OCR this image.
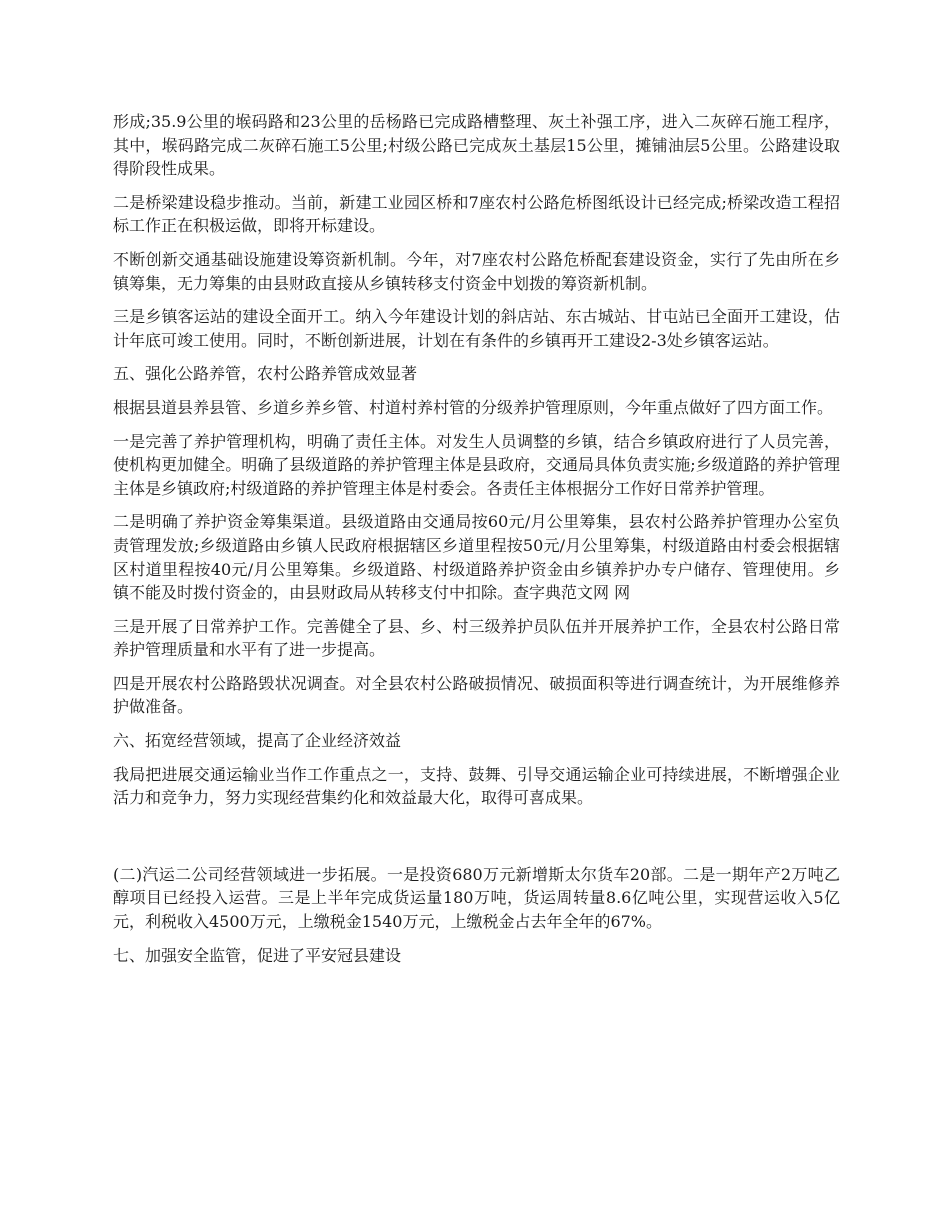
形成;35.9公里的堠码路和23公里的岳杨路已完成路槽整理、灰土补强工序，进入二灰碎石施工程序，其中，堠码路完成二灰碎石施工5公里;村级公路已完成灰土基层15公里，摊铺油层5公里。公路建设取得阶段性成果。

二是桥梁建设稳步推动。当前，新建工业园区桥和7座农村公路危桥图纸设计已经完成;桥梁改造工程招标工作正在积极运做，即将开标建设。

不断创新交通基础设施建设筹资新机制。今年，对7座农村公路危桥配套建设资金，实行了先由所在乡镇筹集，无力筹集的由县财政直接从乡镇转移支付资金中划拨的筹资新机制。

三是乡镇客运站的建设全面开工。纳入今年建设计划的斜店站、东古城站、甘屯站已全面开工建设，估计年底可竣工使用。同时，不断创新进展，计划在有条件的乡镇再开工建设2-3处乡镇客运站。

五、强化公路养管，农村公路养管成效显著

根据县道县养县管、乡道乡养乡管、村道村养村管的分级养护管理原则，今年重点做好了四方面工作。

一是完善了养护管理机构，明确了责任主体。对发生人员调整的乡镇，结合乡镇政府进行了人员完善，使机构更加健全。明确了县级道路的养护管理主体是县政府，交通局具体负责实施;乡级道路的养护管理主体是乡镇政府;村级道路的养护管理主体是村委会。各责任主体根据分工作好日常养护管理。

二是明确了养护资金筹集渠道。县级道路由交通局按60元/月公里筹集，县农村公路养护管理办公室负责管理发放;乡级道路由乡镇人民政府根据辖区乡道里程按50元/月公里筹集，村级道路由村委会根据辖区村道里程按40元/月公里筹集。乡级道路、村级道路养护资金由乡镇养护办专户储存、管理使用。乡镇不能及时拨付资金的，由县财政局从转移支付中扣除。查字典范文网 网

三是开展了日常养护工作。完善健全了县、乡、村三级养护员队伍并开展养护工作，全县农村公路日常养护管理质量和水平有了进一步提高。

四是开展农村公路路毁状况调查。对全县农村公路破损情况、破损面积等进行调查统计，为开展维修养护做准备。

六、拓宽经营领域，提高了企业经济效益

我局把进展交通运输业当作工作重点之一，支持、鼓舞、引导交通运输企业可持续进展，不断增强企业活力和竞争力，努力实现经营集约化和效益最大化，取得可喜成果。

(二)汽运二公司经营领域进一步拓展。一是投资680万元新增斯太尔货车20部。二是一期年产2万吨乙醇项目已经投入运营。三是上半年完成货运量180万吨，货运周转量8.6亿吨公里，实现营运收入5亿元，利税收入4500万元，上缴税金1540万元，上缴税金占去年全年的67%。

七、加强安全监管，促进了平安冠县建设
